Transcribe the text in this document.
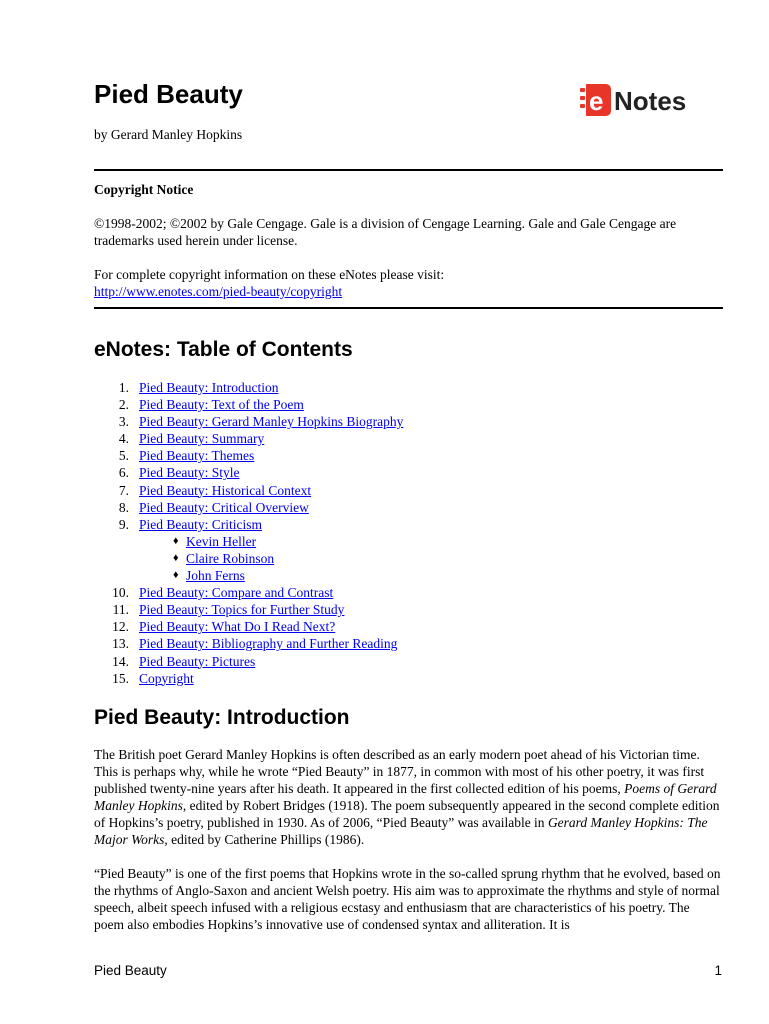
Pied Beauty
by Gerard Manley Hopkins
e Notes

Copyright Notice

©1998-2002; ©2002 by Gale Cengage. Gale is a division of Cengage Learning. Gale and Gale Cengage are trademarks used herein under license.

For complete copyright information on these eNotes please visit:

http://www.enotes.com/pied-beauty/copyright

eNotes: Table of Contents
1. Pied Beauty: Introduction
2. Pied Beauty: Text of the Poem
3. Pied Beauty: Gerard Manley Hopkins Biography
4. Pied Beauty: Summary
5. Pied Beauty: Themes
6. Pied Beauty: Style
7. Pied Beauty: Historical Context
8. Pied Beauty: Critical Overview
9. Pied Beauty: Criticism
♦ Kevin Heller
♦ Claire Robinson
♦ John Ferns
10. Pied Beauty: Compare and Contrast
11. Pied Beauty: Topics for Further Study
12. Pied Beauty: What Do I Read Next?
13. Pied Beauty: Bibliography and Further Reading
14. Pied Beauty: Pictures
15. Copyright
Pied Beauty: Introduction

The British poet Gerard Manley Hopkins is often described as an early modern poet ahead of his Victorian time. This is perhaps why, while he wrote “Pied Beauty” in 1877, in common with most of his other poetry, it was first published twenty-nine years after his death. It appeared in the first collected edition of his poems, Poems of Gerard Manley Hopkins, edited by Robert Bridges (1918). The poem subsequently appeared in the second complete edition of Hopkins’s poetry, published in 1930. As of 2006, “Pied Beauty” was available in Gerard Manley Hopkins: The Major Works, edited by Catherine Phillips (1986).

“Pied Beauty” is one of the first poems that Hopkins wrote in the so-called sprung rhythm that he evolved, based on the rhythms of Anglo-Saxon and ancient Welsh poetry. His aim was to approximate the rhythms and style of normal speech, albeit speech infused with a religious ecstasy and enthusiasm that are characteristics of his poetry. The poem also embodies Hopkins’s innovative use of condensed syntax and alliteration. It is

Pied Beauty	1
